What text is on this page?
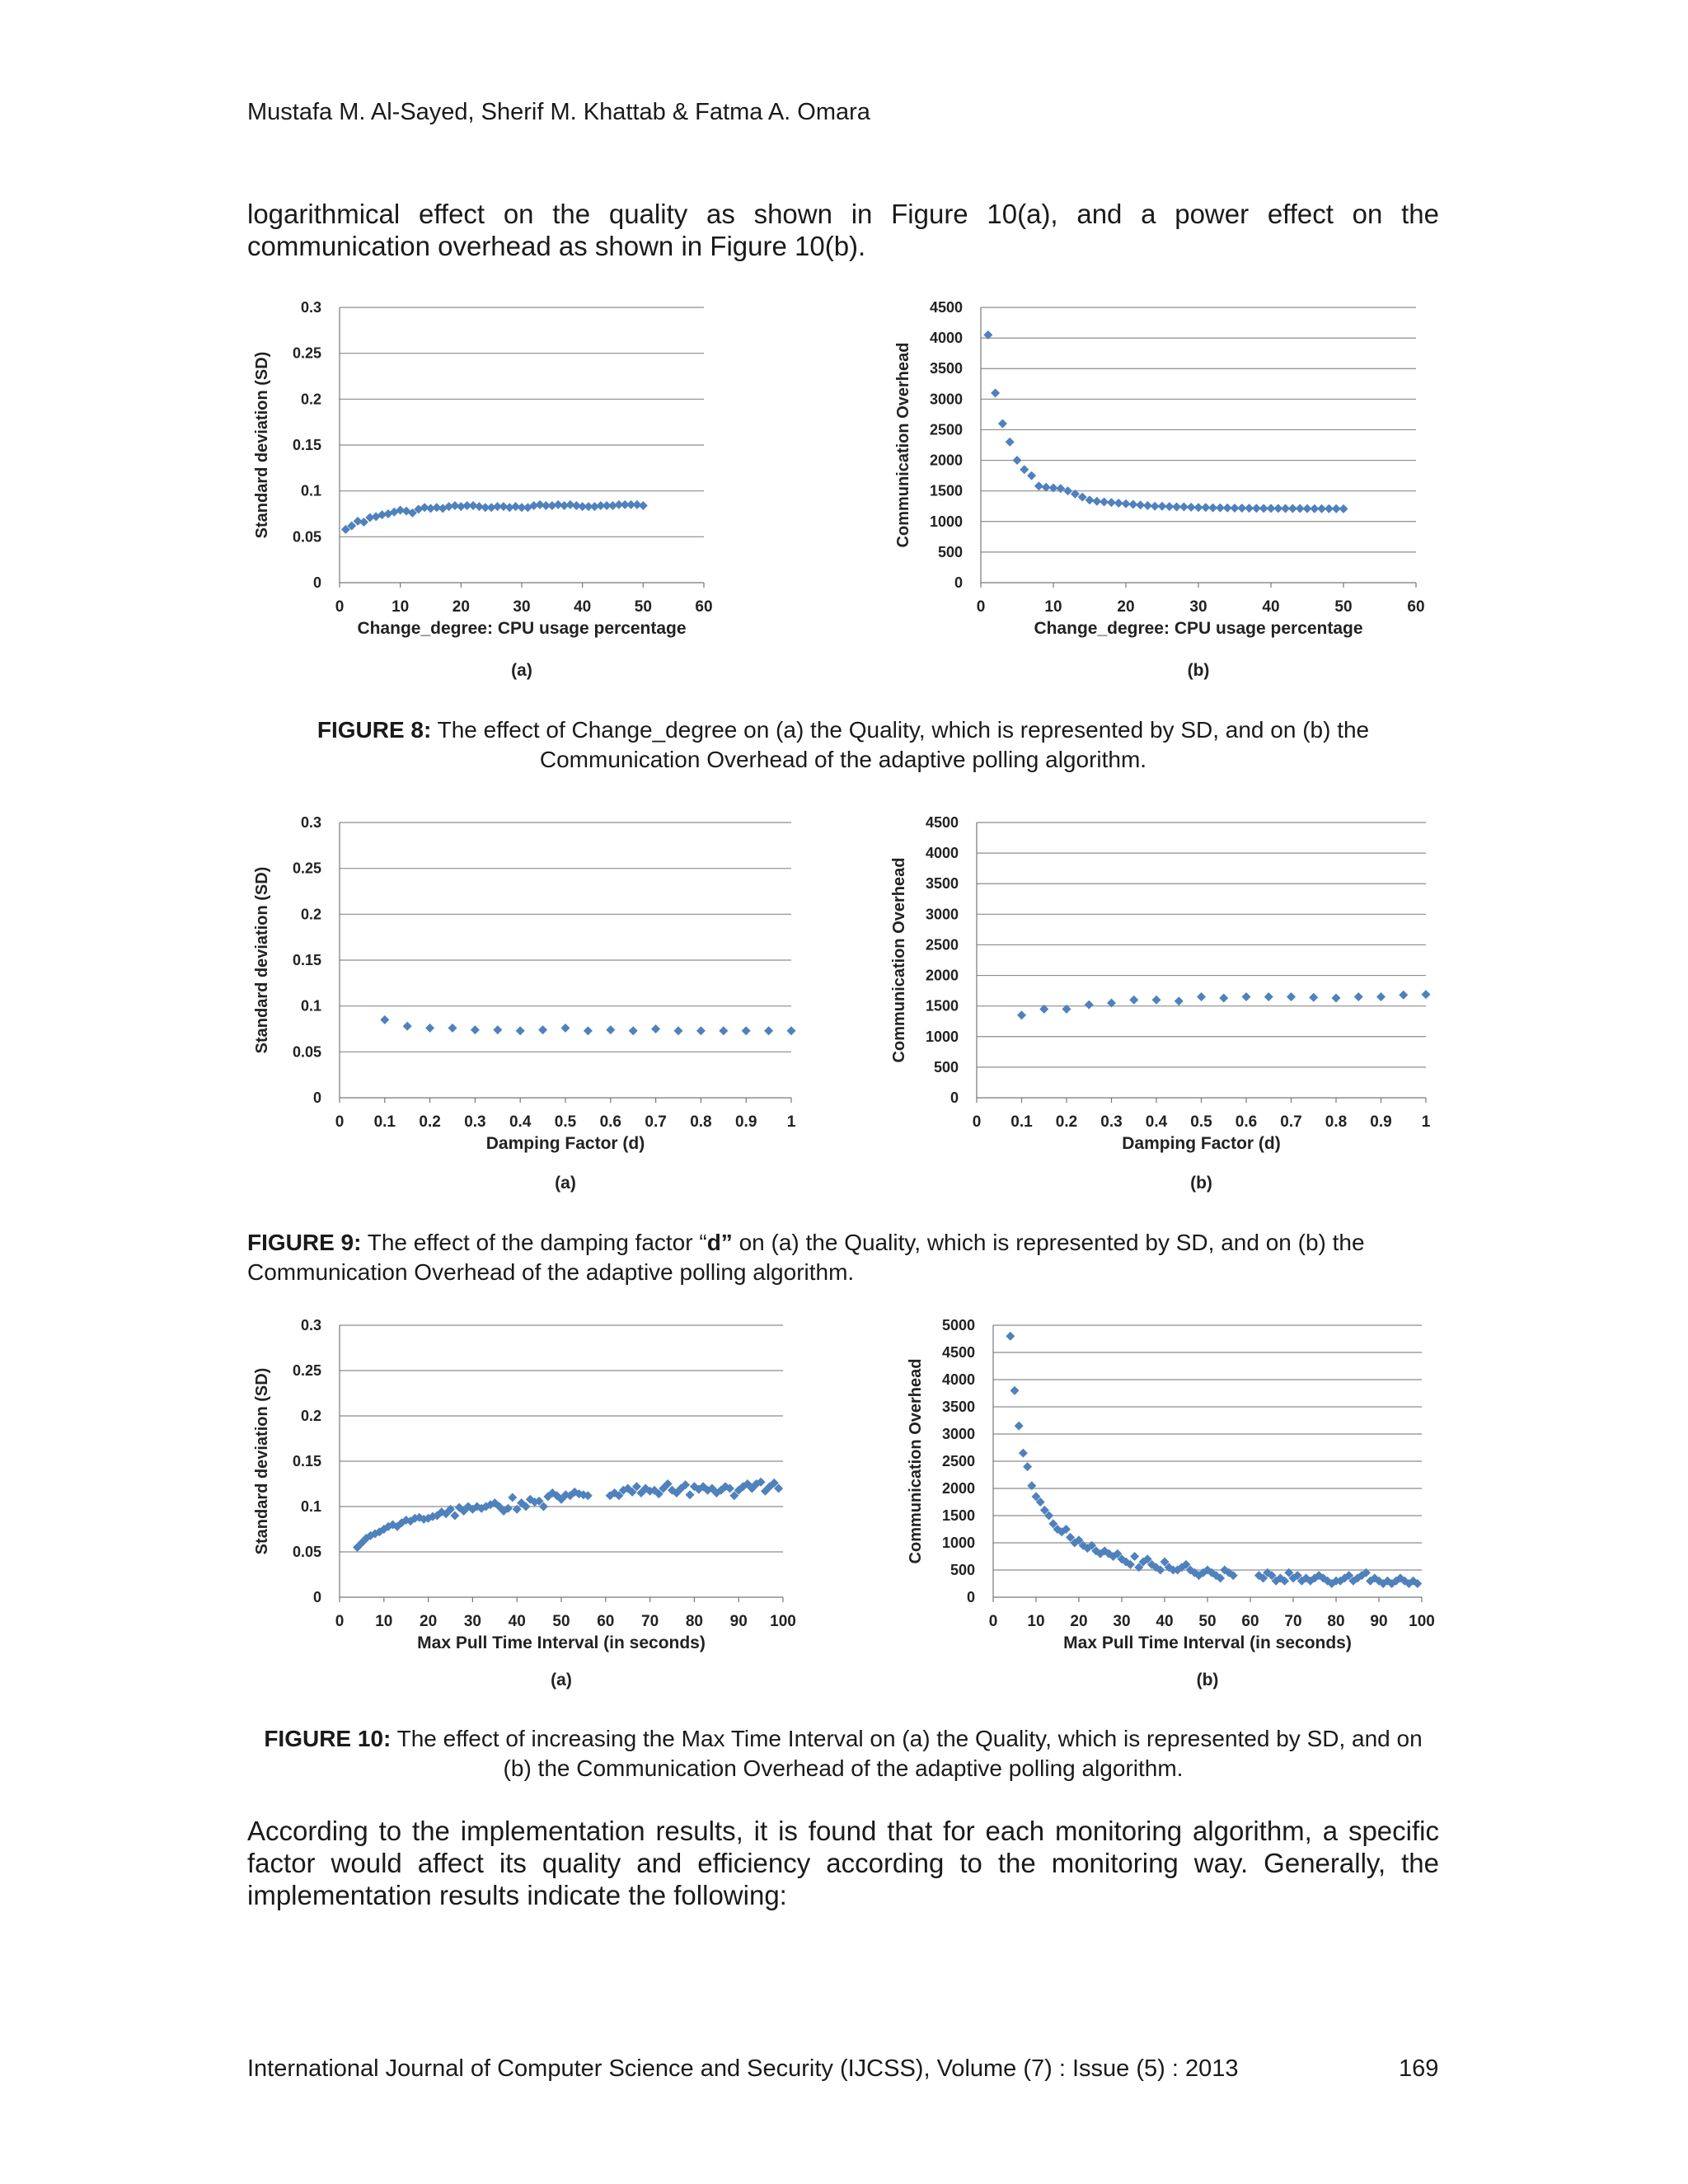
Mustafa M. Al-Sayed, Sherif M. Khattab & Fatma A. Omara
logarithmical effect on the quality as shown in Figure 10(a), and a power effect on the communication overhead as shown in Figure 10(b).
0
0.05
0.1
0.15
0.2
0.25
0.3
0	10	20	30	40	50	60
Change_degree: CPU usage percentage
Standard deviation (SD)
(a)
0
500
1000
1500
2000
2500
3000
3500
4000
4500
0	10	20	30	40	50	60
Change_degree: CPU usage percentage
Communication Overhead
(b)
FIGURE 8: The effect of Change_degree on (a) the Quality, which is represented by SD, and on (b) the Communication Overhead of the adaptive polling algorithm.
0
0.05
0.1
0.15
0.2
0.25
0.3
0 0.1 0.2 0.3 0.4 0.5 0.6 0.7 0.8 0.9 1
Damping Factor (d)
Standard deviation (SD)
(a)
0
500
1000
1500
2000
2500
3000
3500
4000
4500
0 0.1 0.2 0.3 0.4 0.5 0.6 0.7 0.8 0.9 1
Damping Factor (d)
Communication Overhead
(b)
FIGURE 9: The effect of the damping factor “d” on (a) the Quality, which is represented by SD, and on (b) the Communication Overhead of the adaptive polling algorithm.
0
0.05
0.1
0.15
0.2
0.25
0.3
0 10 20 30 40 50 60 70 80 90 100
Max Pull Time Interval (in seconds)
Standard deviation (SD)
(a)
0
500
1000
1500
2000
2500
3000
3500
4000
4500
5000
0 10 20 30 40 50 60 70 80 90 100
Max Pull Time Interval (in seconds)
Communication Overhead
(b)
FIGURE 10: The effect of increasing the Max Time Interval on (a) the Quality, which is represented by SD, and on (b) the Communication Overhead of the adaptive polling algorithm.
According to the implementation results, it is found that for each monitoring algorithm, a specific factor would affect its quality and efficiency according to the monitoring way. Generally, the implementation results indicate the following:
International Journal of Computer Science and Security (IJCSS), Volume (7) : Issue (5) : 2013	169
